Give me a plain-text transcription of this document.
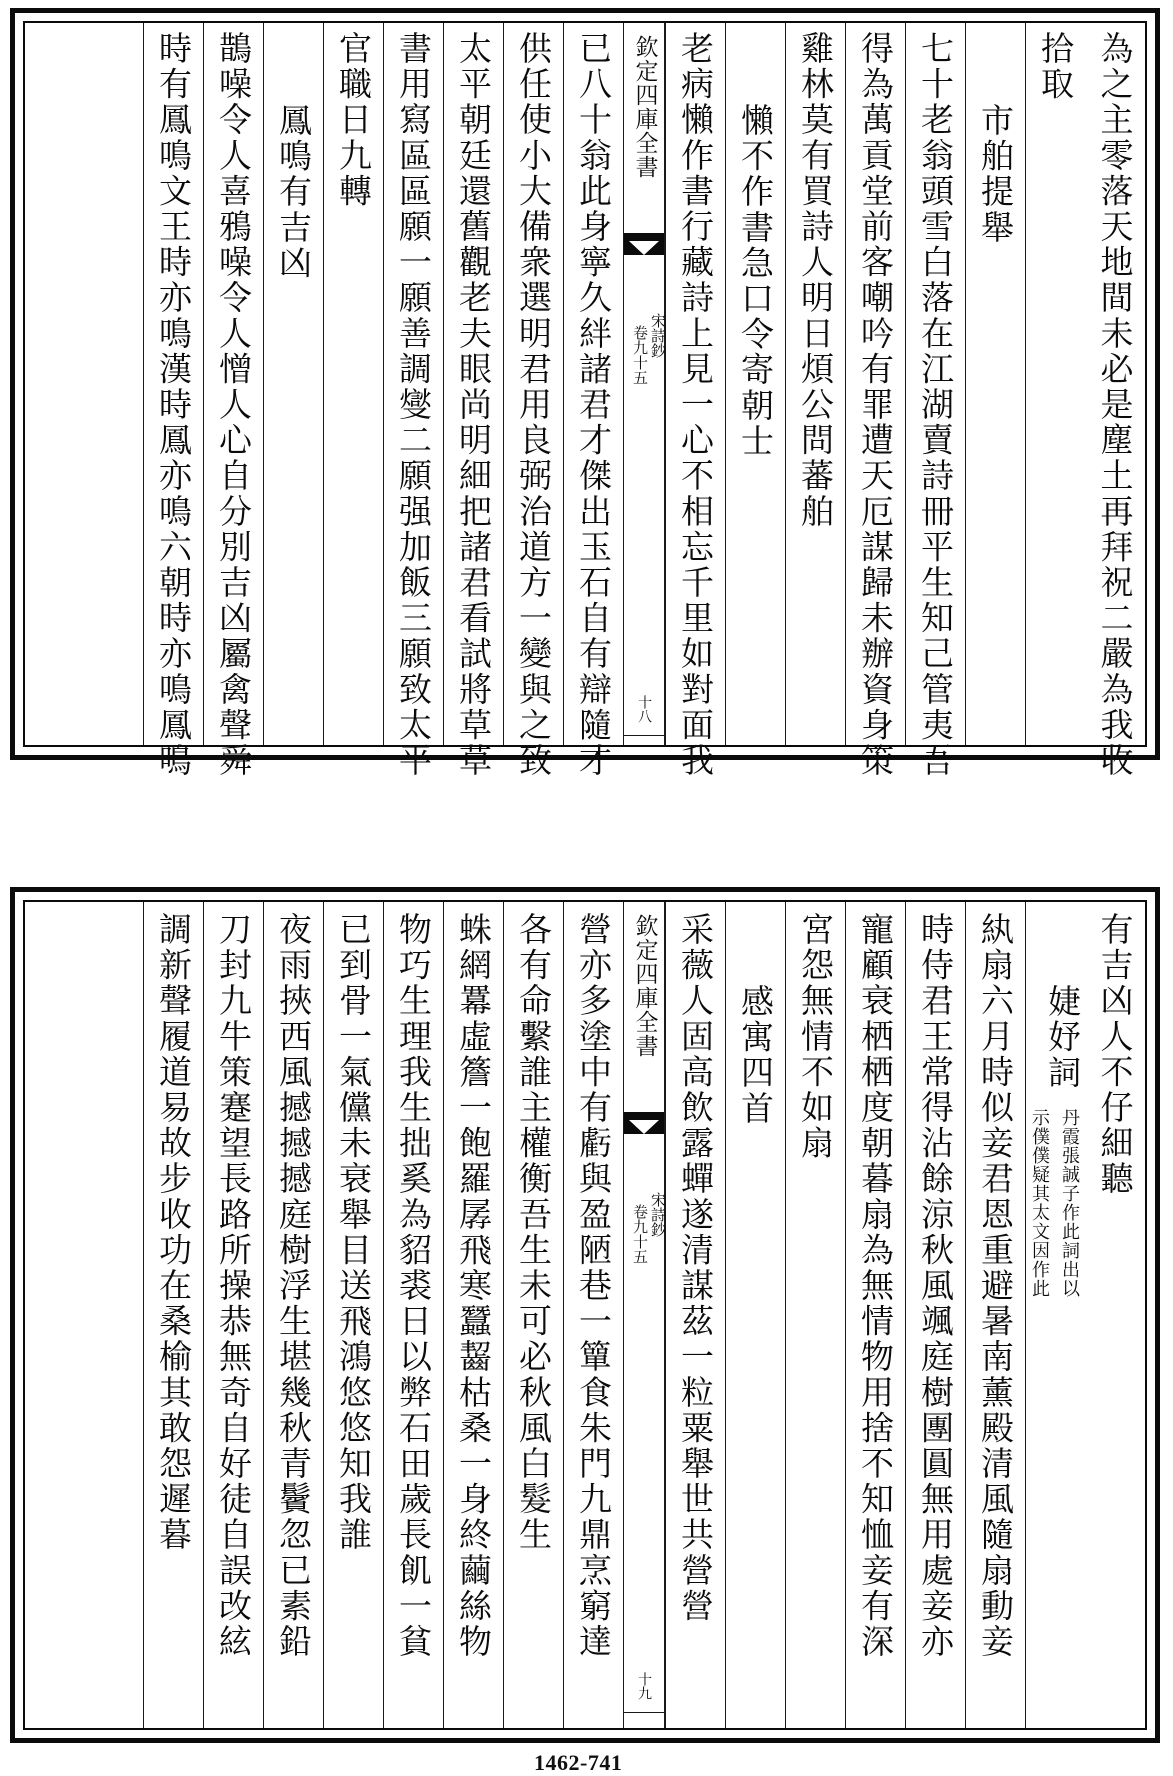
為之主零落天地間未必是塵土再拜祝二嚴為我收
拾取
市舶提舉
七十老翁頭雪白落在江湖賣詩冊平生知己管夷吾
得為萬貢堂前客嘲吟有罪遭天厄謀歸未辦資身策
雞林莫有買詩人明日煩公問蕃舶
懶不作書急口令寄朝士
老病懶作書行藏詩上見一心不相忘千里如對面我
欽定四庫全書
宋詩鈔
卷九十五
十八
已八十翁此身寧久絆諸君才傑出玉石自有辯隨才
供任使小大備衆選明君用良弼治道方一變與之致
太平朝廷還舊觀老夫眼尚明細把諸君看試將草草
書用寫區區願一願善調燮二願强加飯三願致太平
官職日九轉
鳳鳴有吉凶
鵲噪令人喜鴉噪令人憎人心自分別吉凶屬禽聲舜
時有鳳鳴文王時亦鳴漢時鳳亦鳴六朝時亦鳴鳳鳴
有吉凶人不仔細聽
婕妤詞
丹霞張誠子作此詞出以
示僕僕疑其太文因作此
紈扇六月時似妾君恩重避暑南薰殿清風隨扇動妾
時侍君王常得沾餘涼秋風颯庭樹團圓無用處妾亦
寵顧衰栖栖度朝暮扇為無情物用捨不知恤妾有深
宮怨無情不如扇
感寓四首
采薇人固高飲露蟬遂清謀茲一粒粟舉世共營營
欽定四庫全書
宋詩鈔
卷九十五
十九
營亦多塗中有虧與盈陋巷一簞食朱門九鼎烹窮達
各有命繫誰主權衡吾生未可必秋風白髮生
蛛網羃虛簷一飽羅孱飛寒蠶齧枯桑一身終繭絲物
物巧生理我生拙奚為貂裘日以弊石田歲長飢一貧
已到骨一氣儻未衰舉目送飛鴻悠悠知我誰
夜雨挾西風撼撼撼庭樹浮生堪幾秋青鬢忽已素鉛
刀封九牛策蹇望長路所操恭無奇自好徒自誤改絃
調新聲履道易故步收功在桑榆其敢怨遲暮
1462-741
